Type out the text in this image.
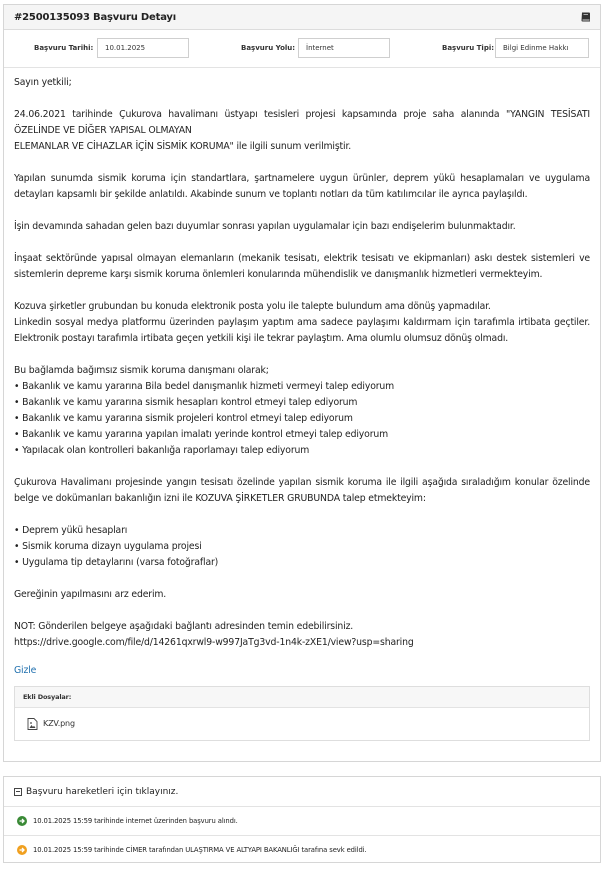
#2500135093 Başvuru Detayı
Başvuru Tarihi:	10.01.2025	Başvuru Yolu:	İnternet	Başvuru Tipi:	Bilgi Edinme Hakkı

Sayın yetkili;

24.06.2021 tarihinde Çukurova havalimanı üstyapı tesisleri projesi kapsamında proje saha alanında "YANGIN TESİSATI ÖZELİNDE VE DİĞER YAPISAL OLMAYAN
ELEMANLAR VE CİHAZLAR İÇİN SİSMİK KORUMA" ile ilgili sunum verilmiştir.

Yapılan sunumda sismik koruma için standartlara, şartnamelere uygun ürünler, deprem yükü hesaplamaları ve uygulama detayları kapsamlı bir şekilde anlatıldı. Akabinde sunum ve toplantı notları da tüm katılımcılar ile ayrıca paylaşıldı.

İşin devamında sahadan gelen bazı duyumlar sonrası yapılan uygulamalar için bazı endişelerim bulunmaktadır.

İnşaat sektöründe yapısal olmayan elemanların (mekanik tesisatı, elektrik tesisatı ve ekipmanları) askı destek sistemleri ve sistemlerin depreme karşı sismik koruma önlemleri konularında mühendislik ve danışmanlık hizmetleri vermekteyim.

Kozuva şirketler grubundan bu konuda elektronik posta yolu ile talepte bulundum ama dönüş yapmadılar.
Linkedin sosyal medya platformu üzerinden paylaşım yaptım ama sadece paylaşımı kaldırmam için tarafımla irtibata geçtiler. Elektronik postayı tarafımla irtibata geçen yetkili kişi ile tekrar paylaştım. Ama olumlu olumsuz dönüş olmadı.

Bu bağlamda bağımsız sismik koruma danışmanı olarak;
• Bakanlık ve kamu yararına Bila bedel danışmanlık hizmeti vermeyi talep ediyorum
• Bakanlık ve kamu yararına sismik hesapları kontrol etmeyi talep ediyorum
• Bakanlık ve kamu yararına sismik projeleri kontrol etmeyi talep ediyorum
• Bakanlık ve kamu yararına yapılan imalatı yerinde kontrol etmeyi talep ediyorum
• Yapılacak olan kontrolleri bakanlığa raporlamayı talep ediyorum

Çukurova Havalimanı projesinde yangın tesisatı özelinde yapılan sismik koruma ile ilgili aşağıda sıraladığım konular özelinde belge ve dokümanları bakanlığın izni ile KOZUVA ŞİRKETLER GRUBUNDA talep etmekteyim:

• Deprem yükü hesapları
• Sismik koruma dizayn uygulama projesi
• Uygulama tip detaylarını (varsa fotoğraflar)

Gereğinin yapılmasını arz ederim.

NOT: Gönderilen belgeye aşağıdaki bağlantı adresinden temin edebilirsiniz.
https://drive.google.com/file/d/14261qxrwl9-w997JaTg3vd-1n4k-zXE1/view?usp=sharing

Gizle
Ekli Dosyalar:
KZV.png
Başvuru hareketleri için tıklayınız.
10.01.2025 15:59 tarihinde internet üzerinden başvuru alındı.
10.01.2025 15:59 tarihinde CİMER tarafından ULAŞTIRMA VE ALTYAPI BAKANLIĞI tarafına sevk edildi.
